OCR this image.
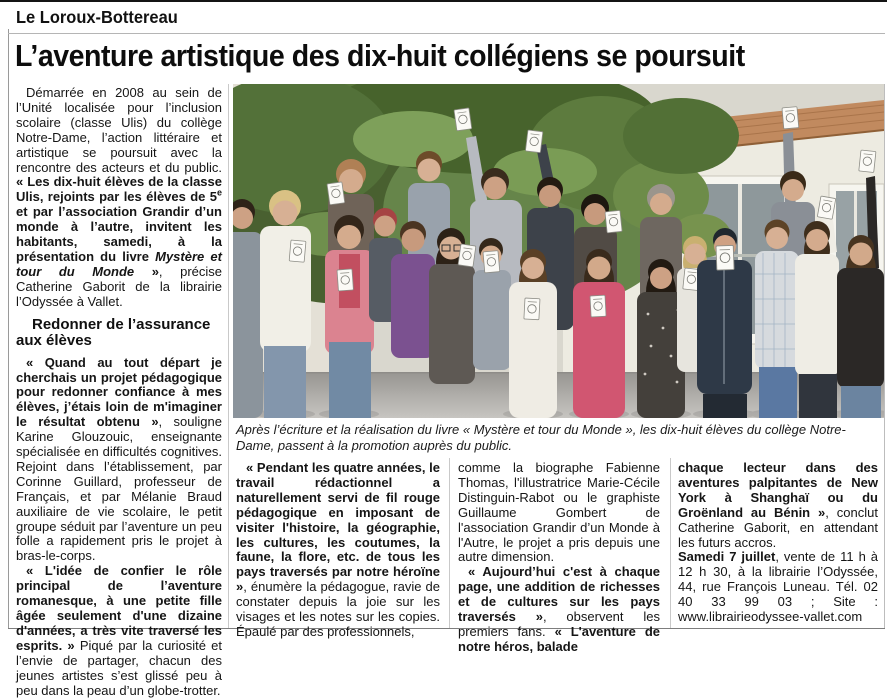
Le Loroux-Bottereau
L’aventure artistique des dix-huit collégiens se poursuit

Démarrée en 2008 au sein de l’Unité localisée pour l’inclusion scolaire (classe Ulis) du collège Notre-Dame, l’action littéraire et artistique se poursuit avec la rencontre des acteurs et du public. « Les dix-huit élèves de la classe Ulis, rejoints par les élèves de 5e et par l’association Grandir d’un monde à l’autre, invitent les habitants, samedi, à la présentation du livre Mystère et tour du Monde », précise Catherine Gaborit de la librairie l’Odyssée à Vallet.

Redonner de l’assurance aux élèves

« Quand au tout départ je cherchais un projet pédagogique pour redonner confiance à mes élèves, j’étais loin de m'imaginer le résultat obtenu », souligne Karine Glouzouic, enseignante spécialisée en difficultés cognitives. Rejoint dans l’établissement, par Corinne Guillard, professeur de Français, et par Mélanie Braud auxiliaire de vie scolaire, le petit groupe séduit par l’aventure un peu folle a rapidement pris le projet à bras-le-corps.

« L'idée de confier le rôle principal de l’aventure romanesque, à une petite fille âgée seulement d'une dizaine d'années, a très vite traversé les esprits. » Piqué par la curiosité et l’envie de partager, chacun des jeunes artistes s’est glissé peu à peu dans la peau d’un globe-trotter.

Après l’écriture et la réalisation du livre « Mystère et tour du Monde », les dix-huit élèves du collège Notre-Dame, passent à la promotion auprès du public.

« Pendant les quatre années, le travail rédactionnel a naturellement servi de fil rouge pédagogique en imposant de visiter l'histoire, la géographie, les cultures, les coutumes, la faune, la flore, etc. de tous les pays traversés par notre héroïne », énumère la pédagogue, ravie de constater depuis la joie sur les visages et les notes sur les copies. Épaulé par des professionnels,

comme la biographe Fabienne Thomas, l'illustratrice Marie-Cécile Distinguin-Rabot ou le graphiste Guillaume Gombert de l'association Grandir d’un Monde à l'Autre, le projet a pris depuis une autre dimension.

« Aujourd’hui c'est à chaque page, une addition de richesses et de cultures sur les pays traversés », observent les premiers fans. « L'aventure de notre héros, balade

chaque lecteur dans des aventures palpitantes de New York à Shanghaï ou du Groënland au Bénin », conclut Catherine Gaborit, en attendant les futurs accros.

Samedi 7 juillet, vente de 11 h à 12 h 30, à la librairie l’Odyssée, 44, rue François Luneau. Tél. 02 40 33 99 03 ; Site : www.librairieodyssee-vallet.com
